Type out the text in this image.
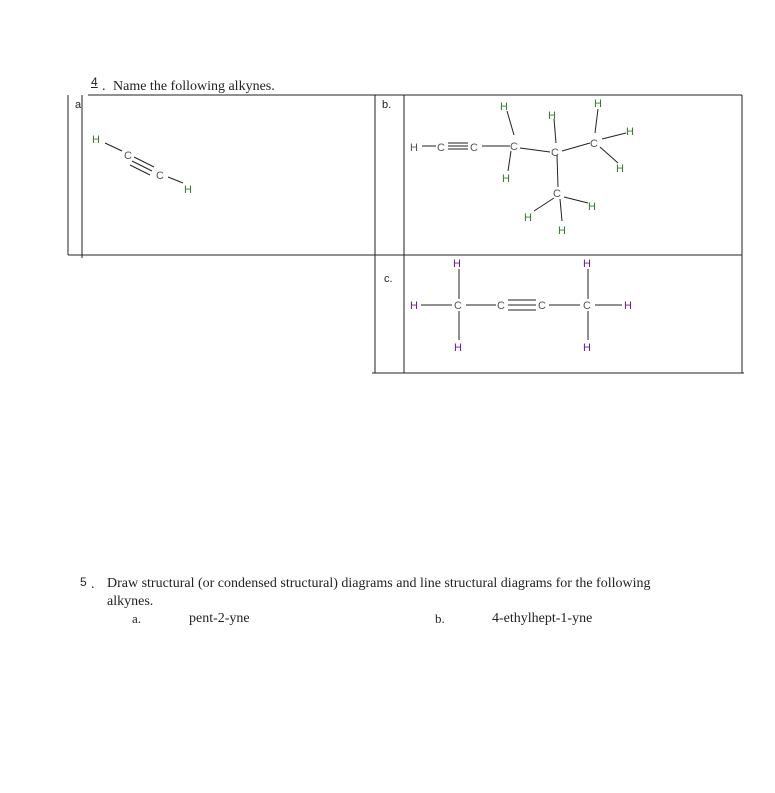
4 . Name the following alkynes.
a	b.
c.
H
C
C
H
H C C
H
C
H
H
C
H
C
H
H
C
H
H
H
H
H
C
H
C	C
H
C
H
H
5 . Draw structural (or condensed structural) diagrams and line structural diagrams for the following
alkynes.
a.	pent-2-yne	b.	4-ethylhept-1-yne
